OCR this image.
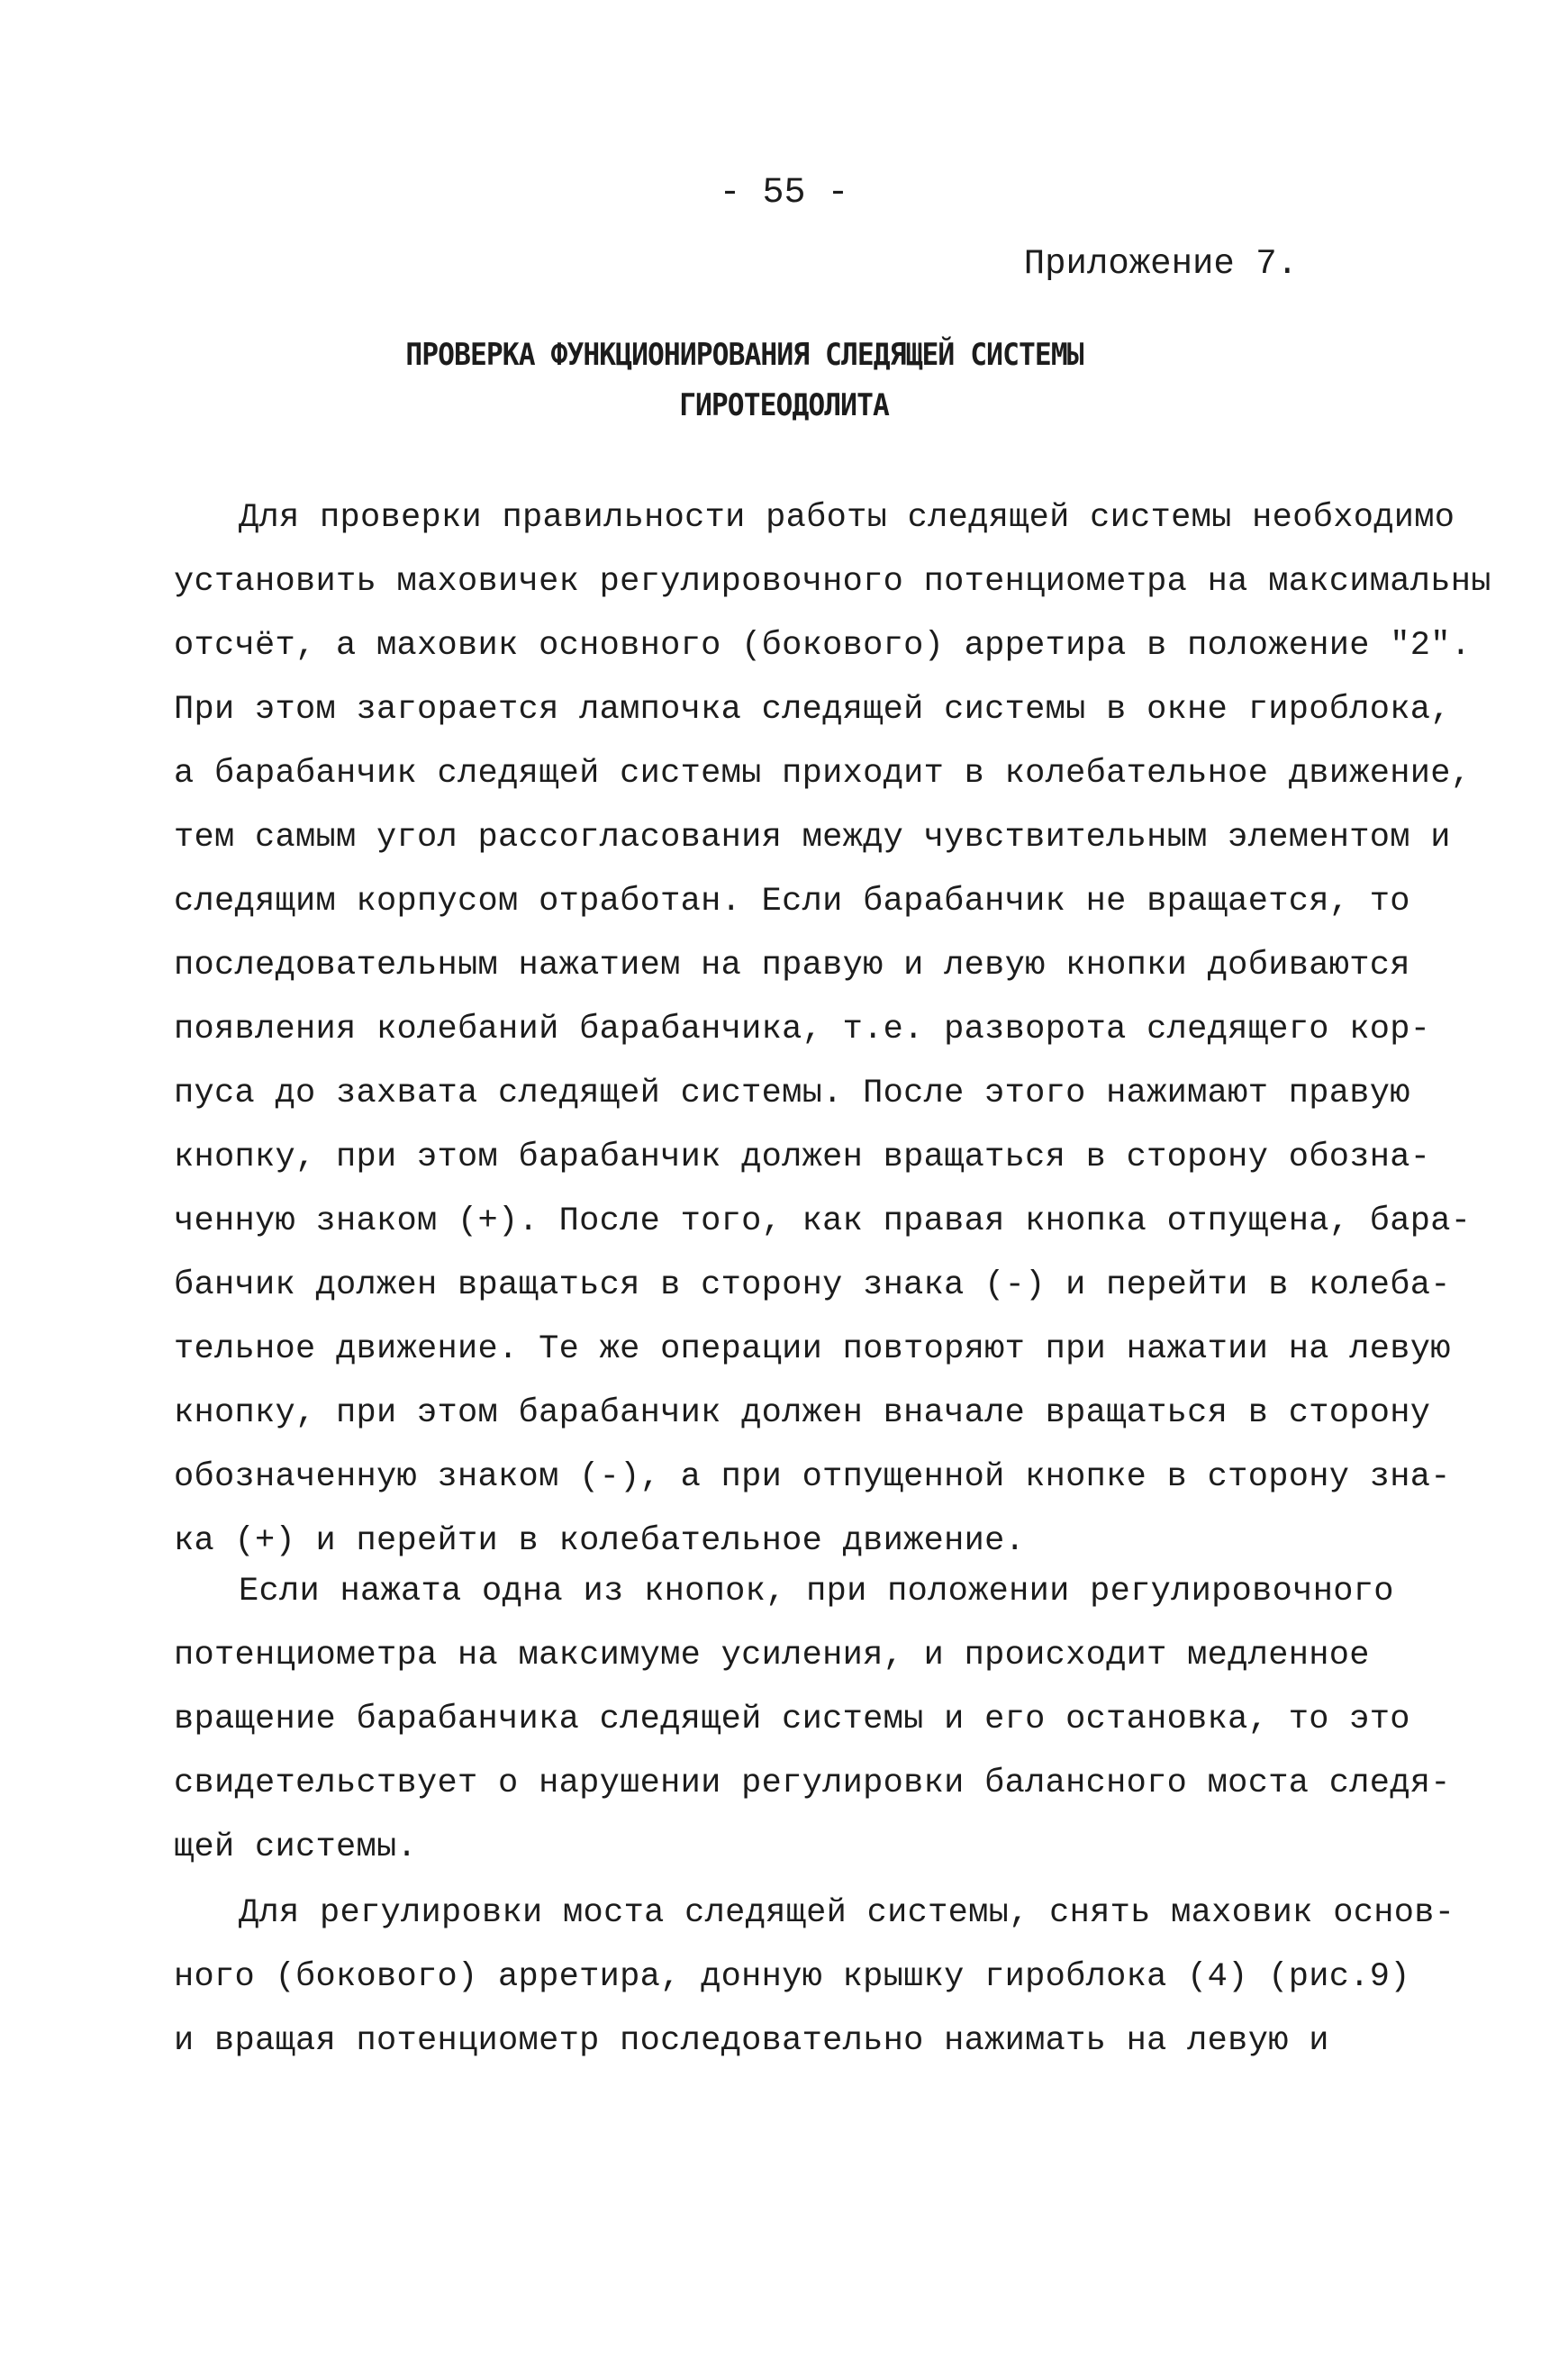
- 55 -
Приложение 7.
ПРОВЕРКА ФУНКЦИОНИРОВАНИЯ СЛЕДЯЩЕЙ СИСТЕМЫ
ГИРОТЕОДОЛИТА
Для проверки правильности работы следящей системы необходимо
установить маховичек регулировочного потенциометра на максимальны
отсчёт, а маховик основного (бокового) арретира в положение "2".
При этом загорается лампочка следящей системы в окне гироблока,
а барабанчик следящей системы приходит в колебательное движение,
тем самым угол рассогласования между чувствительным элементом и
следящим корпусом отработан. Если барабанчик не вращается, то
последовательным нажатием на правую и левую кнопки добиваются
появления колебаний барабанчика, т.е. разворота следящего кор-
пуса до захвата следящей системы. После этого нажимают правую
кнопку, при этом барабанчик должен вращаться в сторону обозна-
ченную знаком (+). После того, как правая кнопка отпущена, бара-
банчик должен вращаться в сторону знака (-) и перейти в колеба-
тельное движение. Те же операции повторяют при нажатии на левую
кнопку, при этом барабанчик должен вначале вращаться в сторону
обозначенную знаком (-), а при отпущенной кнопке в сторону зна-
ка (+) и перейти в колебательное движение.
Если нажата одна из кнопок, при положении регулировочного
потенциометра на максимуме усиления, и происходит медленное
вращение барабанчика следящей системы и его остановка, то это
свидетельствует о нарушении регулировки балансного моста следя-
щей системы.
Для регулировки моста следящей системы, снять маховик основ-
ного (бокового) арретира, донную крышку гироблока (4) (рис.9)
и вращая потенциометр последовательно нажимать на левую и
